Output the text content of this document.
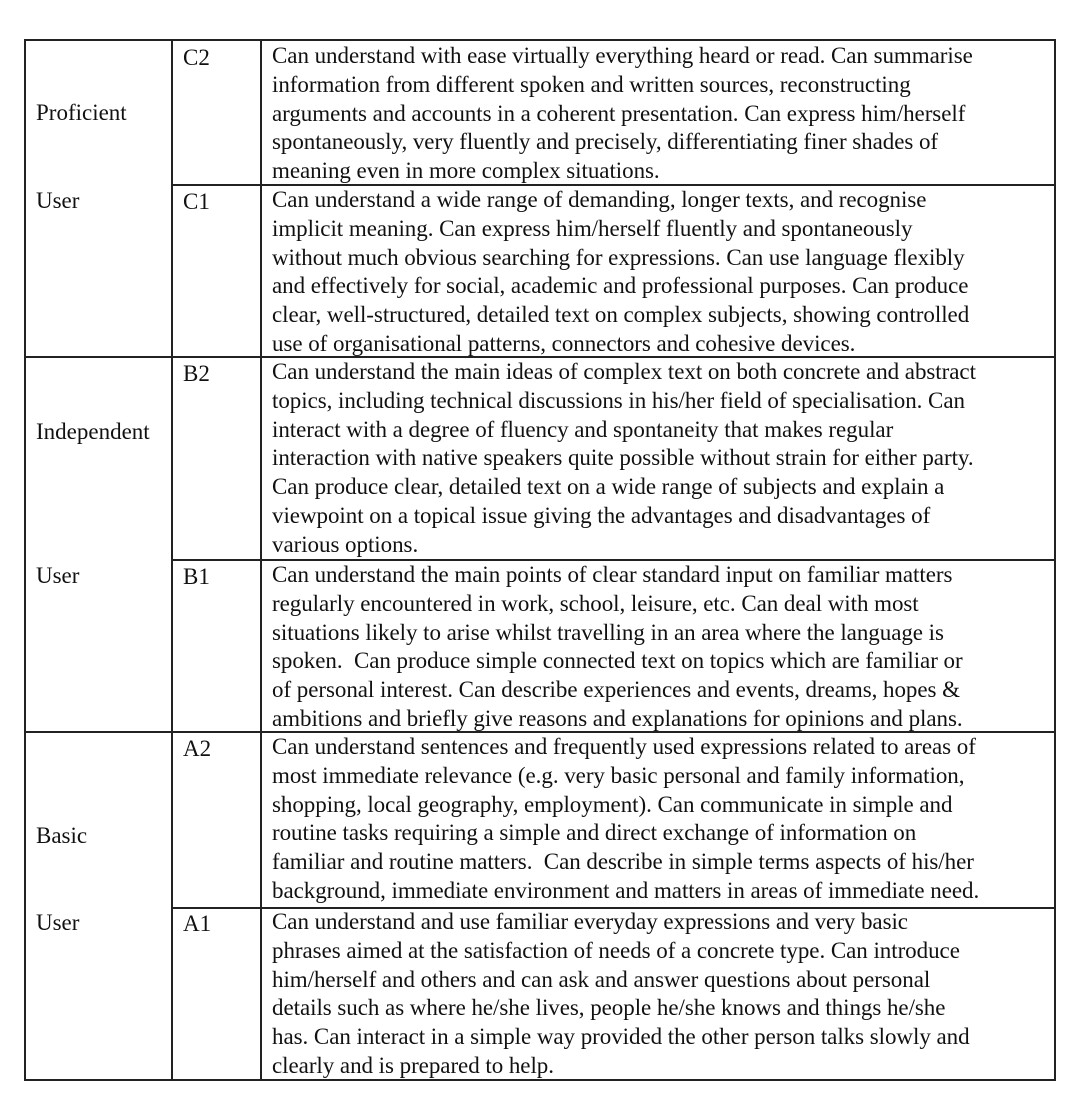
Proficient
User
C2	Can understand with ease virtually everything heard or read. Can summarise
information from different spoken and written sources, reconstructing
arguments and accounts in a coherent presentation. Can express him/herself
spontaneously, very fluently and precisely, differentiating finer shades of
meaning even in more complex situations.
C1	Can understand a wide range of demanding, longer texts, and recognise
implicit meaning. Can express him/herself fluently and spontaneously
without much obvious searching for expressions. Can use language flexibly
and effectively for social, academic and professional purposes. Can produce
clear, well-structured, detailed text on complex subjects, showing controlled
use of organisational patterns, connectors and cohesive devices.
Independent
User
B2	Can understand the main ideas of complex text on both concrete and abstract
topics, including technical discussions in his/her field of specialisation. Can
interact with a degree of fluency and spontaneity that makes regular
interaction with native speakers quite possible without strain for either party.
Can produce clear, detailed text on a wide range of subjects and explain a
viewpoint on a topical issue giving the advantages and disadvantages of
various options.
B1	Can understand the main points of clear standard input on familiar matters
regularly encountered in work, school, leisure, etc. Can deal with most
situations likely to arise whilst travelling in an area where the language is
spoken.  Can produce simple connected text on topics which are familiar or
of personal interest. Can describe experiences and events, dreams, hopes &
ambitions and briefly give reasons and explanations for opinions and plans.
Basic
User
A2	Can understand sentences and frequently used expressions related to areas of
most immediate relevance (e.g. very basic personal and family information,
shopping, local geography, employment). Can communicate in simple and
routine tasks requiring a simple and direct exchange of information on
familiar and routine matters.  Can describe in simple terms aspects of his/her
background, immediate environment and matters in areas of immediate need.
A1	Can understand and use familiar everyday expressions and very basic
phrases aimed at the satisfaction of needs of a concrete type. Can introduce
him/herself and others and can ask and answer questions about personal
details such as where he/she lives, people he/she knows and things he/she
has. Can interact in a simple way provided the other person talks slowly and
clearly and is prepared to help.
